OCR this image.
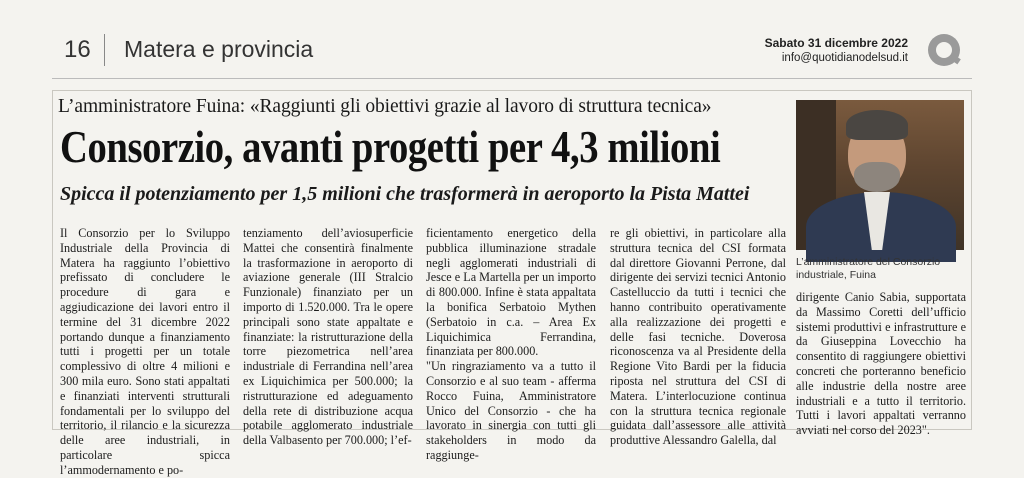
16 Matera e provincia	Sabato 31 dicembre 2022
info@quotidianodelsud.it
L’amministratore Fuina: «Raggiunti gli obiettivi grazie al lavoro di struttura tecnica»
Consorzio, avanti progetti per 4,3 milioni
Spicca il potenziamento per 1,5 milioni che trasformerà in aeroporto la Pista Mattei
L’amministratore del Consorzio industriale, Fuina

Il Consorzio per lo Sviluppo Industriale della Provincia di Matera ha raggiunto l’obiettivo prefissato di concludere le procedure di gara e aggiudicazione dei lavori entro il termine del 31 dicembre 2022 portando dunque a finanziamento tutti i progetti per un totale complessivo di oltre 4 milioni e 300 mila euro. Sono stati appaltati e finanziati interventi strutturali fondamentali per lo sviluppo del territorio, il rilancio e la sicurezza delle aree industriali, in particolare spicca l’ammodernamento e po-

tenziamento dell’aviosuperficie Mattei che consentirà finalmente la trasformazione in aeroporto di aviazione generale (III Stralcio Funzionale) finanziato per un importo di 1.520.000. Tra le opere principali sono state appaltate e finanziate: la ristrutturazione della torre piezometrica nell’area industriale di Ferrandina nell’area ex Liquichimica per 500.000; la ristrutturazione ed adeguamento della rete di distribuzione acqua potabile agglomerato industriale della Valbasento per 700.000; l’ef-

ficientamento energetico della pubblica illuminazione stradale negli agglomerati industriali di Jesce e La Martella per un importo di 800.000. Infine è stata appaltata la bonifica Serbatoio Mythen (Serbatoio in c.a. – Area Ex Liquichimica Ferrandina, finanziata per 800.000.
"Un ringraziamento va a tutto il Consorzio e al suo team - afferma Rocco Fuina, Amministratore Unico del Consorzio - che ha lavorato in sinergia con tutti gli stakeholders in modo da raggiunge-

re gli obiettivi, in particolare alla struttura tecnica del CSI formata dal direttore Giovanni Perrone, dal dirigente dei servizi tecnici Antonio Castelluccio da tutti i tecnici che hanno contribuito operativamente alla realizzazione dei progetti e delle fasi tecniche. Doverosa riconoscenza va al Presidente della Regione Vito Bardi per la fiducia riposta nel struttura del CSI di Matera. L’interlocuzione continua con la struttura tecnica regionale guidata dall’assessore alle attività produttive Alessandro Galella, dal

dirigente Canio Sabia, supportata da Massimo Coretti dell’ufficio sistemi produttivi e infrastrutture e da Giuseppina Lovecchio ha consentito di raggiungere obiettivi concreti che porteranno beneficio alle industrie della nostre aree industriali e a tutto il territorio. Tutti i lavori appaltati verranno avviati nel corso del 2023".
